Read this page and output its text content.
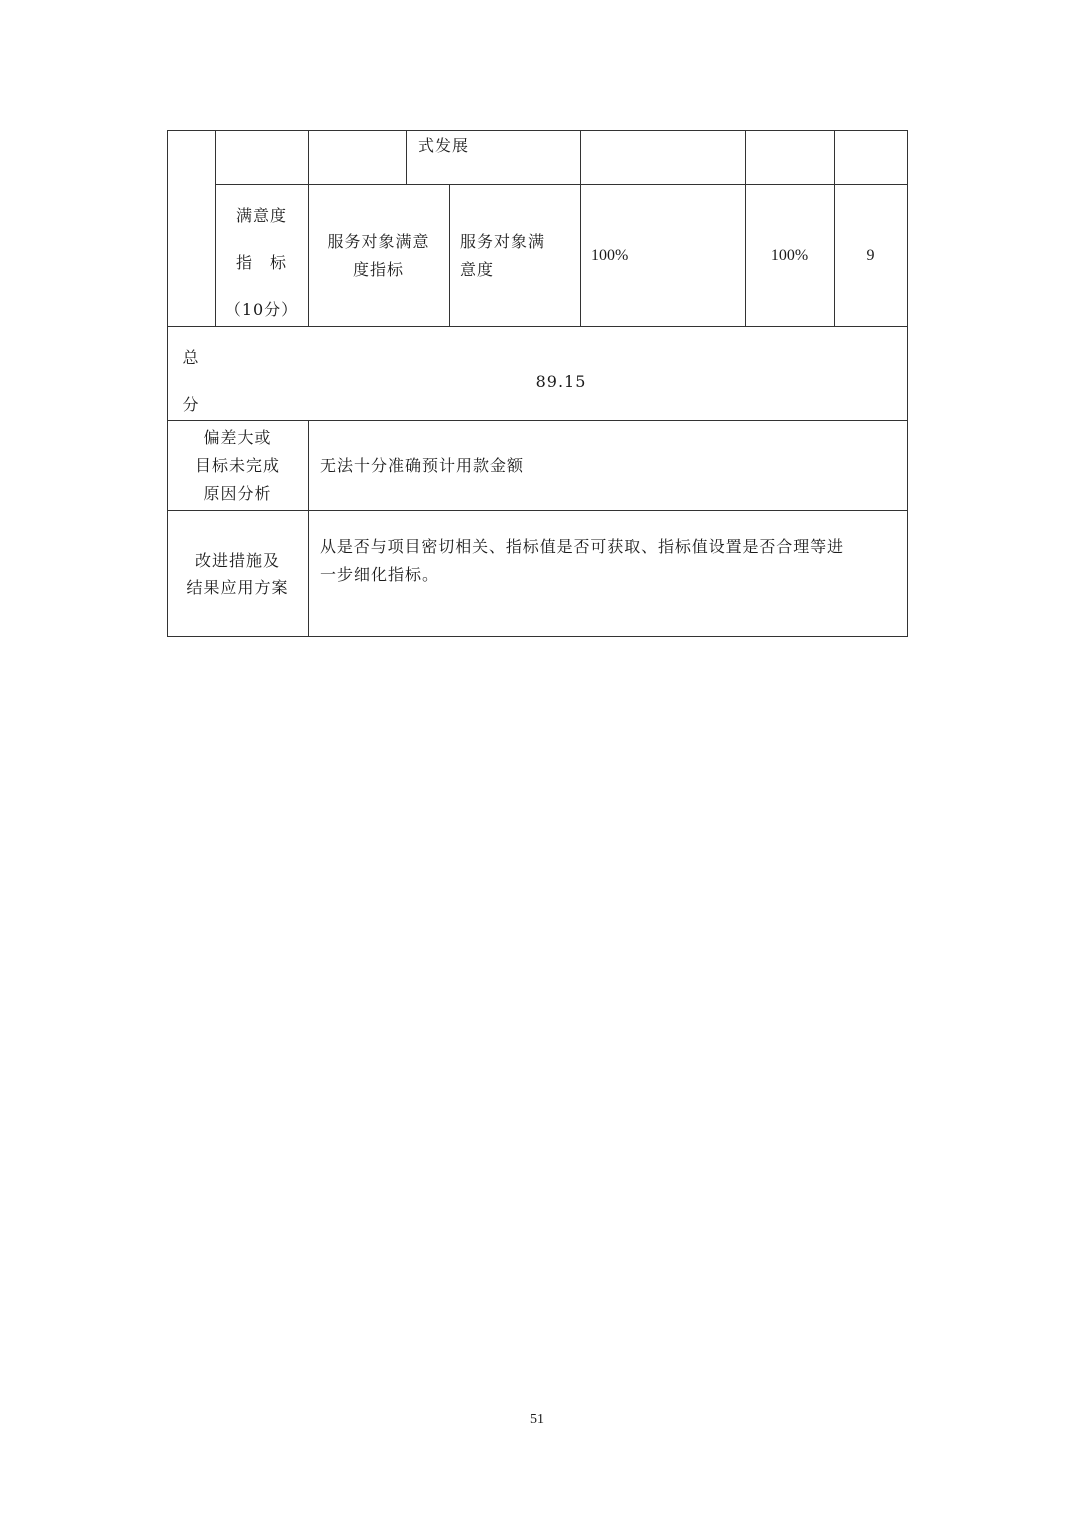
式发展
满意度
指　标
（10分）
服务对象满意
度指标
服务对象满
意度
100%	100%	9
总
分
89.15
偏差大或
目标未完成
原因分析
无法十分准确预计用款金额
改进措施及
结果应用方案
从是否与项目密切相关、指标值是否可获取、指标值设置是否合理等进
一步细化指标。
51
